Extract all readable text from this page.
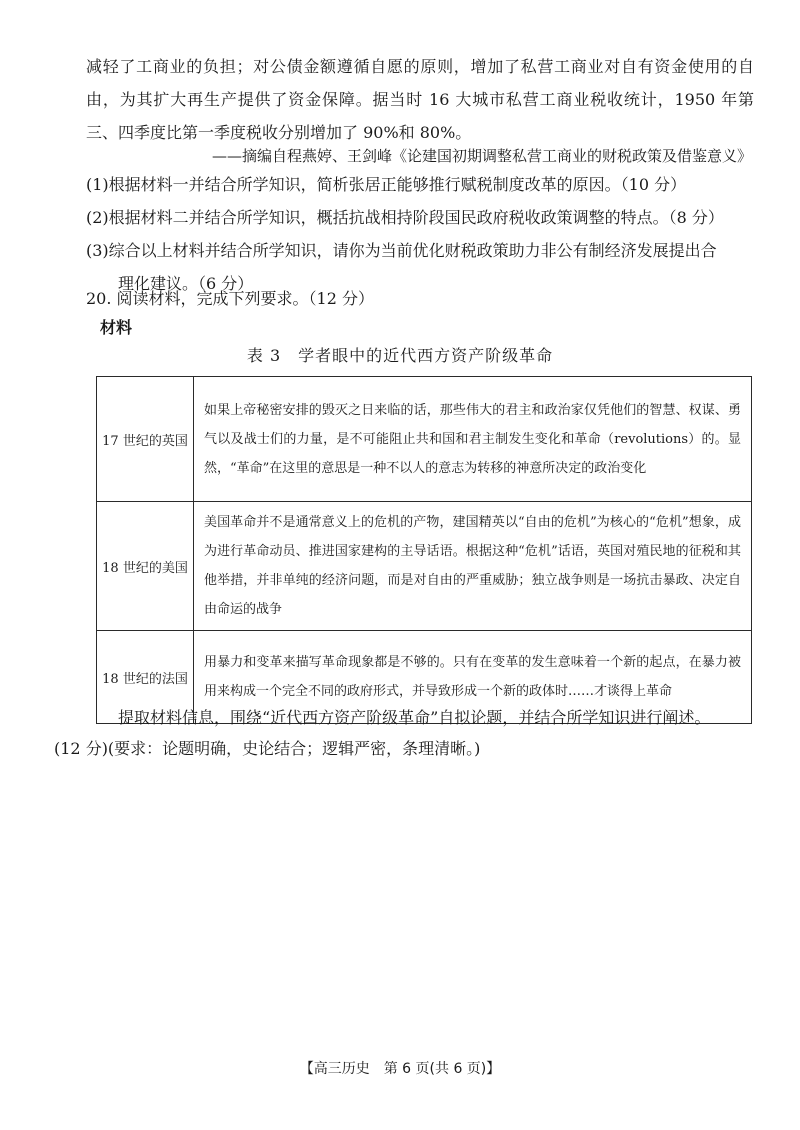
减轻了工商业的负担；对公债金额遵循自愿的原则，增加了私营工商业对自有资金使用的自由，为其扩大再生产提供了资金保障。据当时 16 大城市私营工商业税收统计，1950 年第三、四季度比第一季度税收分别增加了 90%和 80%。

——摘编自程燕婷、王剑峰《论建国初期调整私营工商业的财税政策及借鉴意义》

(1)根据材料一并结合所学知识，简析张居正能够推行赋税制度改革的原因。（10 分）

(2)根据材料二并结合所学知识，概括抗战相持阶段国民政府税收政策调整的特点。（8 分）

(3)综合以上材料并结合所学知识，请你为当前优化财税政策助力非公有制经济发展提出合
理化建议。（6 分）

20. 阅读材料，完成下列要求。（12 分）

材料
表 3　学者眼中的近代西方资产阶级革命
17 世纪的英国	如果上帝秘密安排的毁灭之日来临的话，那些伟大的君主和政治家仅凭他们的智慧、权谋、勇气以及战士们的力量，是不可能阻止共和国和君主制发生变化和革命（revolutions）的。显然，“革命”在这里的意思是一种不以人的意志为转移的神意所决定的政治变化
18 世纪的美国	美国革命并不是通常意义上的危机的产物，建国精英以“自由的危机”为核心的“危机”想象，成为进行革命动员、推进国家建构的主导话语。根据这种“危机”话语，英国对殖民地的征税和其他举措，并非单纯的经济问题，而是对自由的严重威胁；独立战争则是一场抗击暴政、决定自由命运的战争
18 世纪的法国	用暴力和变革来描写革命现象都是不够的。只有在变革的发生意味着一个新的起点，在暴力被用来构成一个完全不同的政府形式，并导致形成一个新的政体时……才谈得上革命

提取材料信息，围绕“近代西方资产阶级革命”自拟论题，并结合所学知识进行阐述。
(12 分)(要求：论题明确，史论结合；逻辑严密，条理清晰。)

【高三历史　第 6 页(共 6 页)】
